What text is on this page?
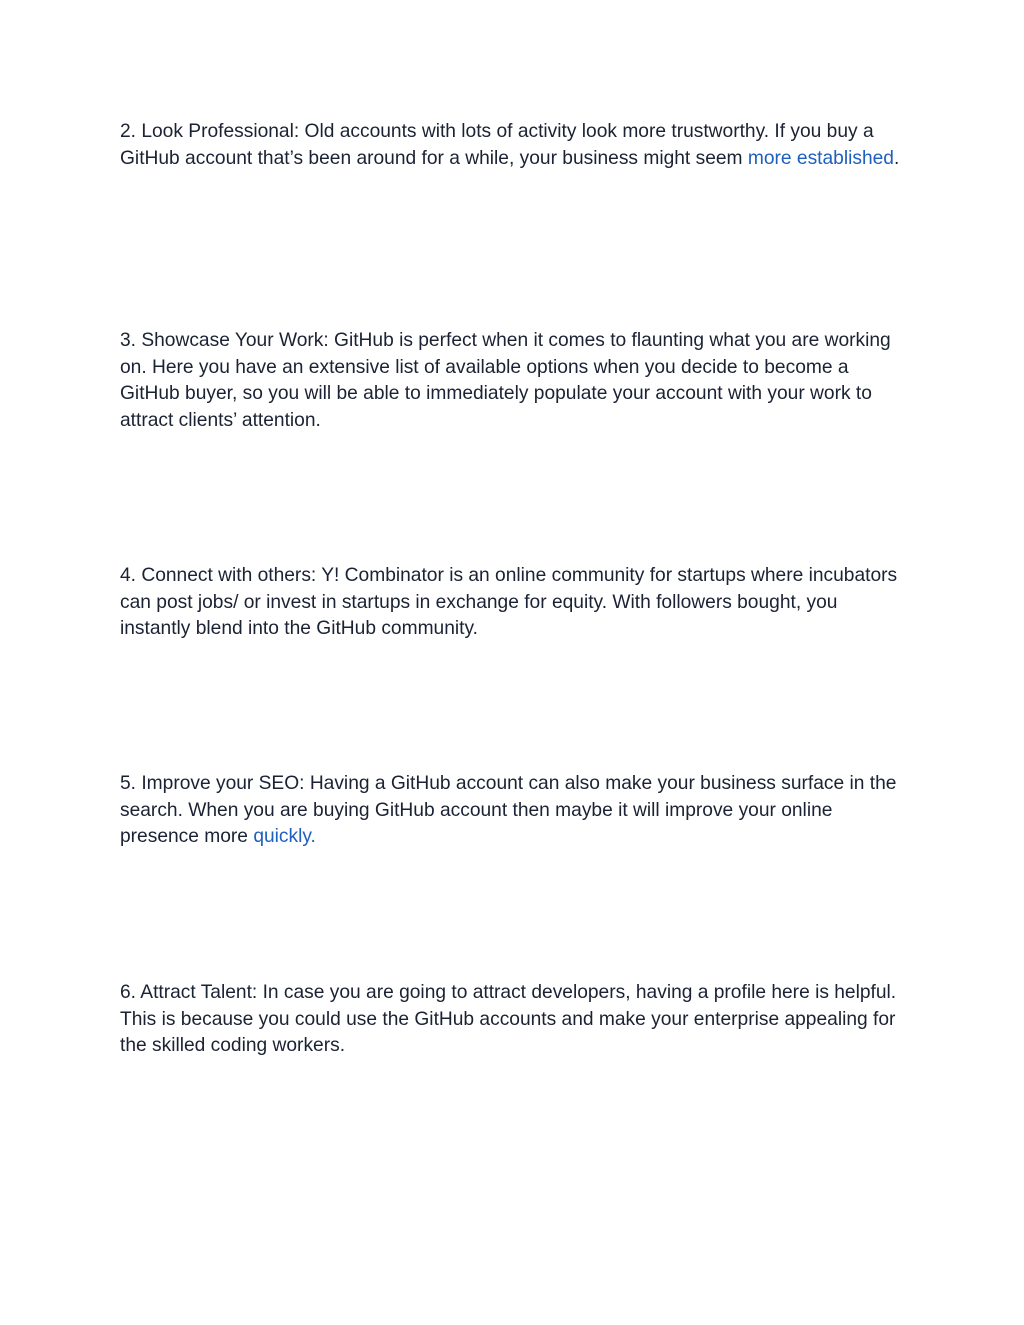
2. Look Professional: Old accounts with lots of activity look more trustworthy. If you buy a GitHub account that’s been around for a while, your business might seem more established.

3. Showcase Your Work: GitHub is perfect when it comes to flaunting what you are working on. Here you have an extensive list of available options when you decide to become a GitHub buyer, so you will be able to immediately populate your account with your work to attract clients’ attention.

4. Connect with others: Y! Combinator is an online community for startups where incubators can post jobs/ or invest in startups in exchange for equity. With followers bought, you instantly blend into the GitHub community.

5. Improve your SEO: Having a GitHub account can also make your business surface in the search. When you are buying GitHub account then maybe it will improve your online presence more quickly.

6. Attract Talent: In case you are going to attract developers, having a profile here is helpful. This is because you could use the GitHub accounts and make your enterprise appealing for the skilled coding workers.
